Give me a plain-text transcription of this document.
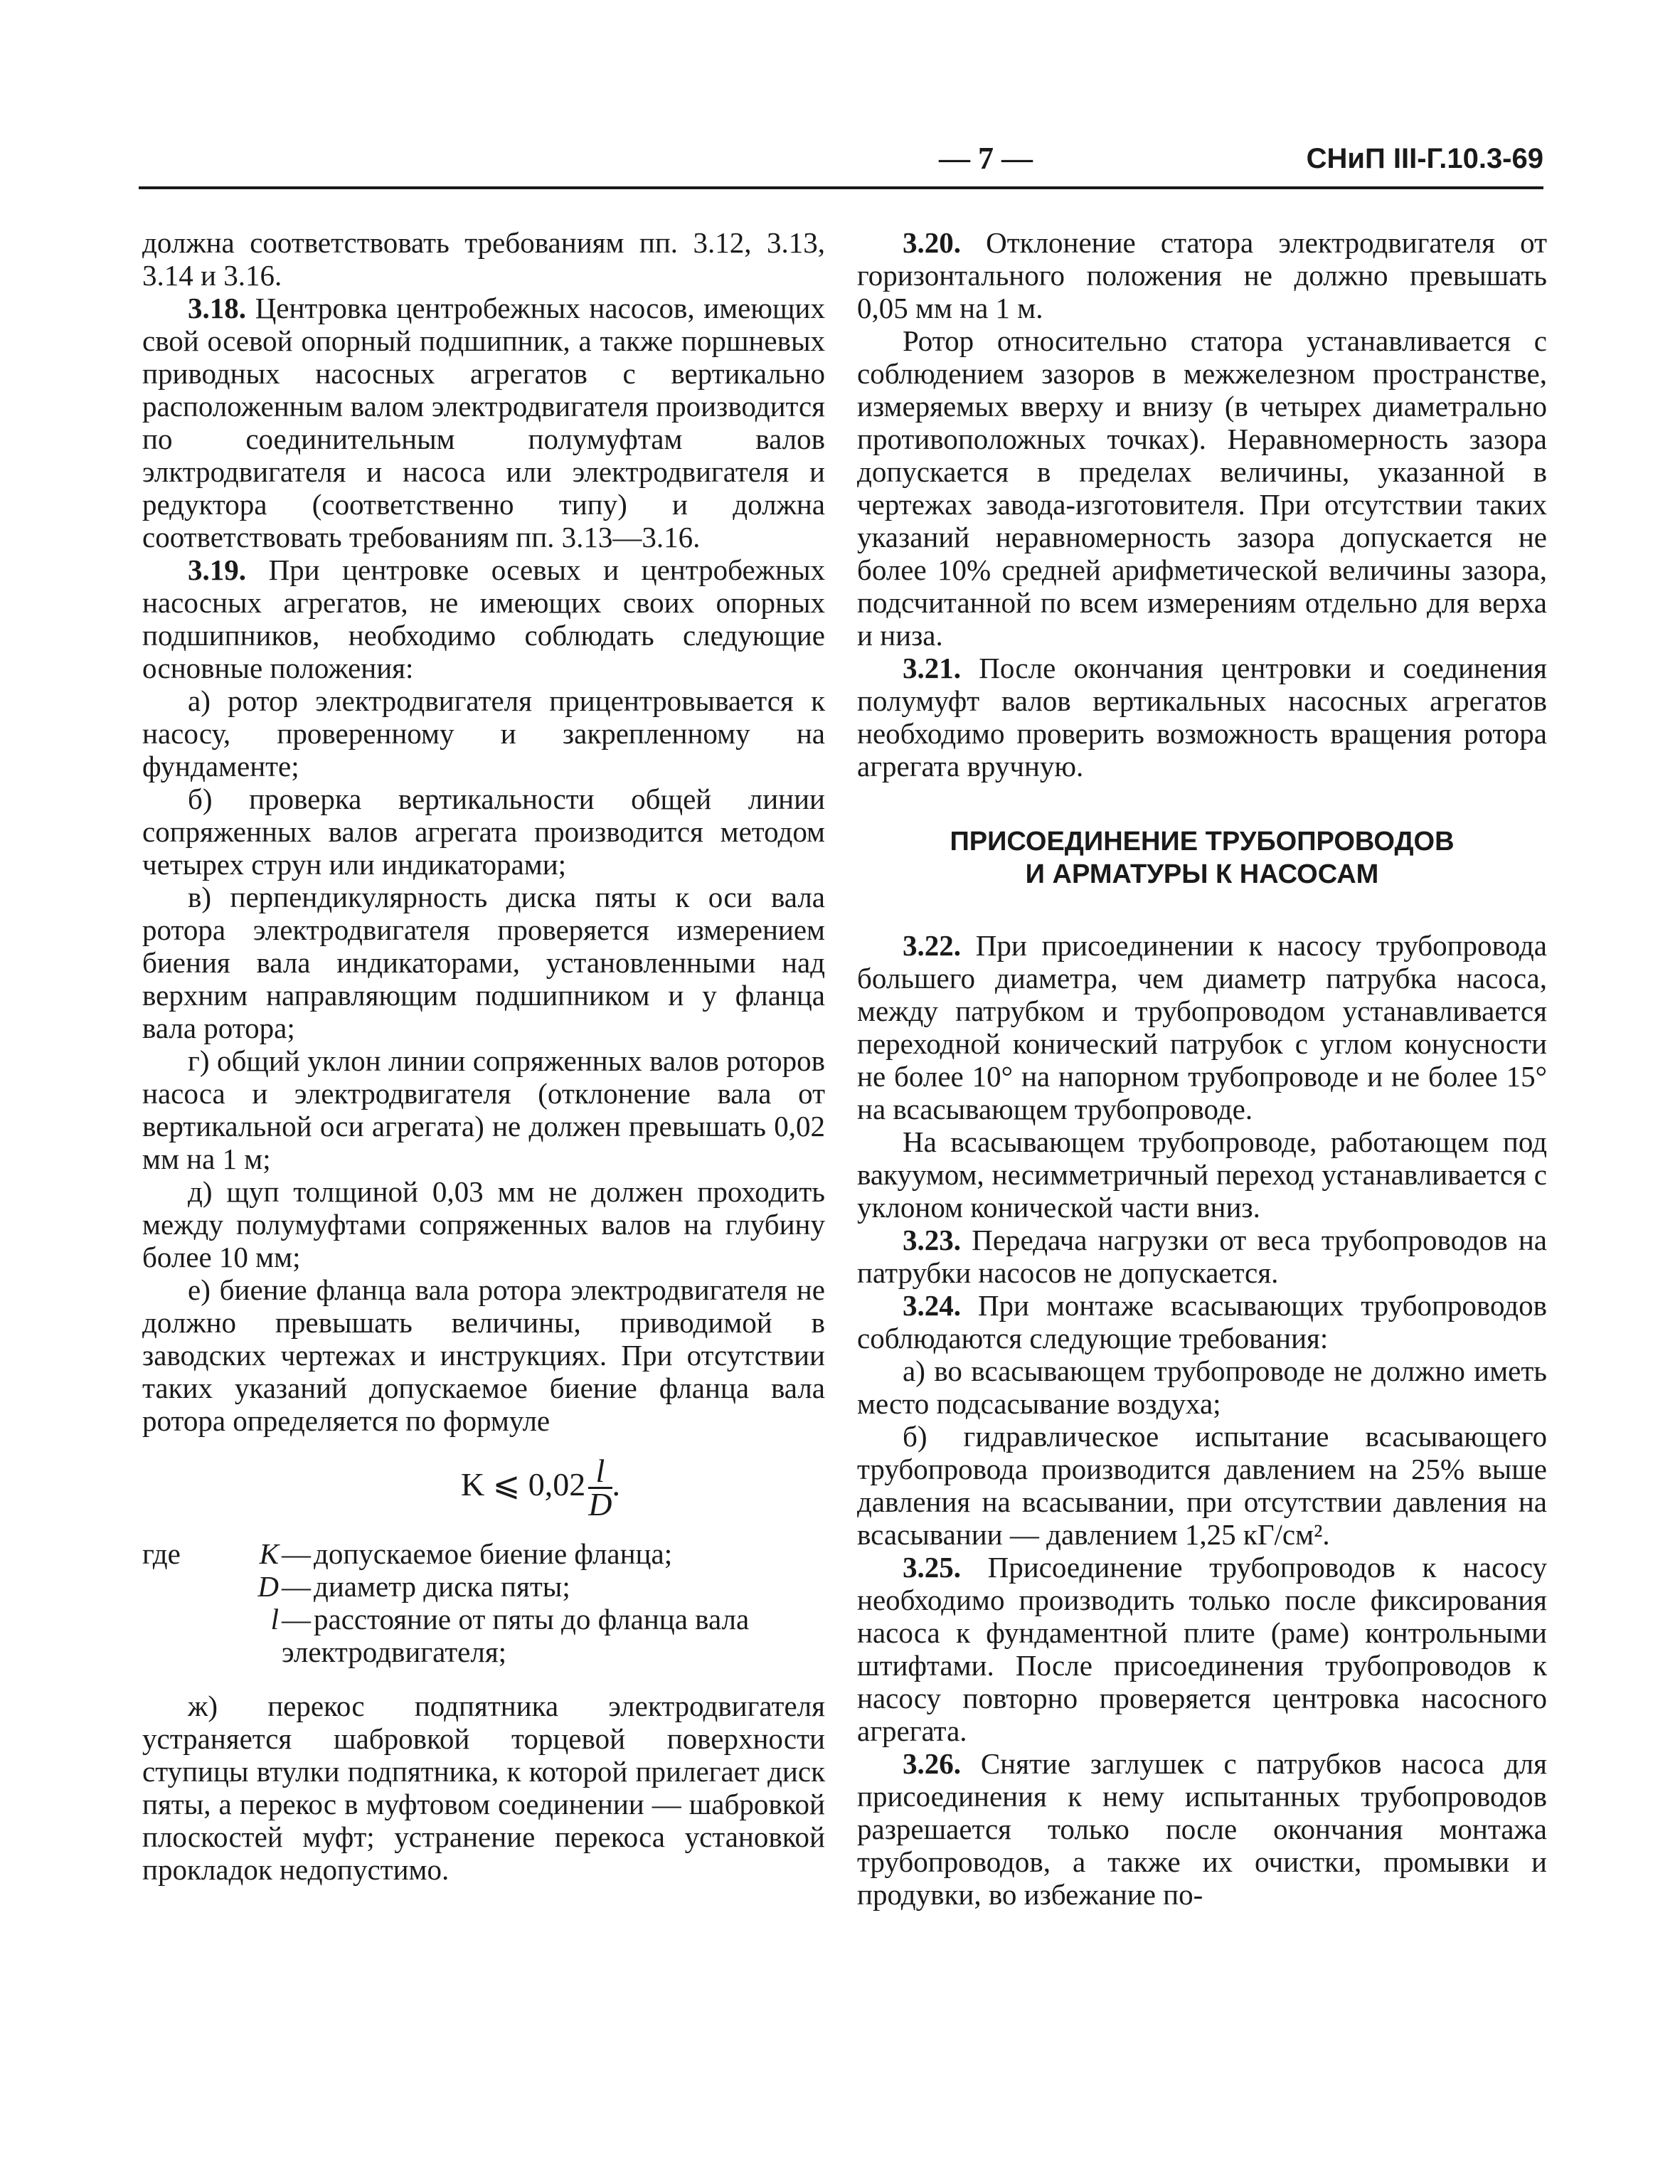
— 7 —	СНиП III-Г.10.3-69

должна соответствовать требованиям пп. 3.12, 3.13, 3.14 и 3.16.

3.18. Центровка центробежных насосов, имеющих свой осевой опорный подшипник, а также поршневых приводных насосных агрегатов с вертикально расположенным валом электродвигателя производится по соединительным полумуфтам валов элктродвигателя и насоса или электродвигателя и редуктора (соответственно типу) и должна соответствовать требованиям пп. 3.13—3.16.

3.19. При центровке осевых и центробежных насосных агрегатов, не имеющих своих опорных подшипников, необходимо соблюдать следующие основные положения:

а) ротор электродвигателя прицентровывается к насосу, проверенному и закрепленному на фундаменте;

б) проверка вертикальности общей линии сопряженных валов агрегата производится методом четырех струн или индикаторами;

в) перпендикулярность диска пяты к оси вала ротора электродвигателя проверяется измерением биения вала индикаторами, установленными над верхним направляющим подшипником и у фланца вала ротора;

г) общий уклон линии сопряженных валов роторов насоса и электродвигателя (отклонение вала от вертикальной оси агрегата) не должен превышать 0,02 мм на 1 м;

д) щуп толщиной 0,03 мм не должен проходить между полумуфтами сопряженных валов на глубину более 10 мм;

е) биение фланца вала ротора электродвигателя не должно превышать величины, приводимой в заводских чертежах и инструкциях. При отсутствии таких указаний допускаемое биение фланца вала ротора определяется по формуле

K ⩽ $0,02 \frac{l}{D}$ .
где	K — допускаемое биение фланца;
D — диаметр диска пяты;
l — расстояние от пяты до фланца вала
электродвигателя;

ж) перекос подпятника электродвигателя устраняется шабровкой торцевой поверхности ступицы втулки подпятника, к которой прилегает диск пяты, а перекос в муфтовом соединении — шабровкой плоскостей муфт; устранение перекоса установкой прокладок недопустимо.

3.20. Отклонение статора электродвигателя от горизонтального положения не должно превышать 0,05 мм на 1 м.

Ротор относительно статора устанавливается с соблюдением зазоров в межжелезном пространстве, измеряемых вверху и внизу (в четырех диаметрально противоположных точках). Неравномерность зазора допускается в пределах величины, указанной в чертежах завода-изготовителя. При отсутствии таких указаний неравномерность зазора допускается не более 10% средней арифметической величины зазора, подсчитанной по всем измерениям отдельно для верха и низа.

3.21. После окончания центровки и соединения полумуфт валов вертикальных насосных агрегатов необходимо проверить возможность вращения ротора агрегата вручную.

ПРИСОЕДИНЕНИЕ ТРУБОПРОВОДОВ
И АРМАТУРЫ К НАСОСАМ

3.22. При присоединении к насосу трубопровода большего диаметра, чем диаметр патрубка насоса, между патрубком и трубопроводом устанавливается переходной конический патрубок с углом конусности не более 10° на напорном трубопроводе и не более 15° на всасывающем трубопроводе.

На всасывающем трубопроводе, работающем под вакуумом, несимметричный переход устанавливается с уклоном конической части вниз.

3.23. Передача нагрузки от веса трубопроводов на патрубки насосов не допускается.

3.24. При монтаже всасывающих трубопроводов соблюдаются следующие требования:

а) во всасывающем трубопроводе не должно иметь место подсасывание воздуха;

б) гидравлическое испытание всасывающего трубопровода производится давлением на 25% выше давления на всасывании, при отсутствии давления на всасывании — давлением 1,25 кГ/см².

3.25. Присоединение трубопроводов к насосу необходимо производить только после фиксирования насоса к фундаментной плите (раме) контрольными штифтами. После присоединения трубопроводов к насосу повторно проверяется центровка насосного агрегата.

3.26. Снятие заглушек с патрубков насоса для присоединения к нему испытанных трубопроводов разрешается только после окончания монтажа трубопроводов, а также их очистки, промывки и продувки, во избежание по-
